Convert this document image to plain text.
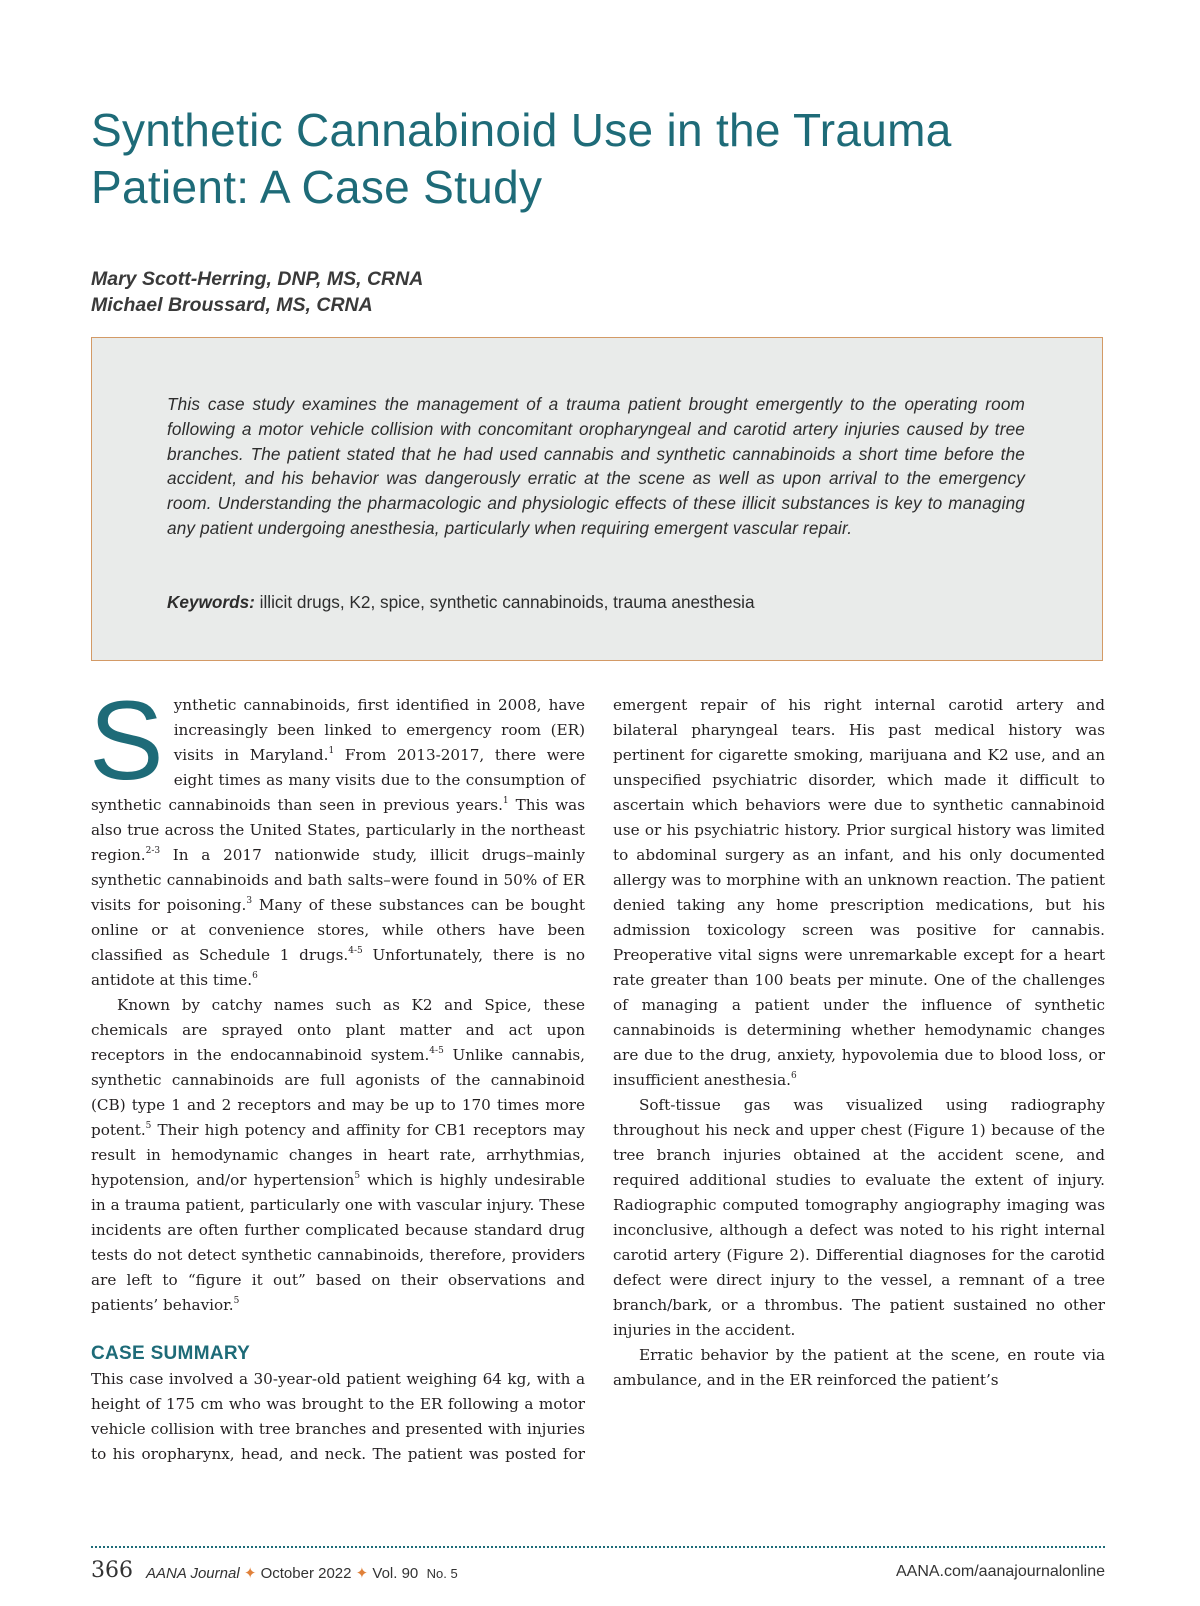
Synthetic Cannabinoid Use in the Trauma Patient: A Case Study
Mary Scott-Herring, DNP, MS, CRNA
Michael Broussard, MS, CRNA

This case study examines the management of a trauma patient brought emergently to the operating room following a motor vehicle collision with concomitant oropharyngeal and carotid artery injuries caused by tree branches. The patient stated that he had used cannabis and synthetic cannabinoids a short time before the accident, and his behavior was dangerously erratic at the scene as well as upon arrival to the emergency room. Understanding the pharmacologic and physiologic effects of these illicit substances is key to managing any patient undergoing anesthesia, particularly when requiring emergent vascular repair.

Keywords: illicit drugs, K2, spice, synthetic cannabinoids, trauma anesthesia

Synthetic cannabinoids, first identified in 2008, have increasingly been linked to emergency room (ER) visits in Maryland.$^1$ From 2013-2017, there were eight times as many visits due to the consumption of synthetic cannabinoids than seen in previous years.$^1$ This was also true across the United States, particularly in the northeast region.$^{2-3}$ In a 2017 nationwide study, illicit drugs–mainly synthetic cannabinoids and bath salts–were found in 50% of ER visits for poisoning.$^3$ Many of these substances can be bought online or at convenience stores, while others have been classified as Schedule 1 drugs.$^{4-5}$ Unfortunately, there is no antidote at this time.$^6$

Known by catchy names such as K2 and Spice, these chemicals are sprayed onto plant matter and act upon receptors in the endocannabinoid system.$^{4-5}$ Unlike cannabis, synthetic cannabinoids are full agonists of the cannabinoid (CB) type 1 and 2 receptors and may be up to 170 times more potent.$^5$ Their high potency and affinity for CB1 receptors may result in hemodynamic changes in heart rate, arrhythmias, hypotension, and/or hypertension$^5$ which is highly undesirable in a trauma patient, particularly one with vascular injury. These incidents are often further complicated because standard drug tests do not detect synthetic cannabinoids, therefore, providers are left to “figure it out” based on their observations and patients’ behavior.$^5$

CASE SUMMARY

This case involved a 30-year-old patient weighing 64 kg, with a height of 175 cm who was brought to the ER following a motor vehicle collision with tree branches and presented with injuries to his oropharynx, head, and neck. The patient was posted for

emergent repair of his right internal carotid artery and bilateral pharyngeal tears. His past medical history was pertinent for cigarette smoking, marijuana and K2 use, and an unspecified psychiatric disorder, which made it difficult to ascertain which behaviors were due to synthetic cannabinoid use or his psychiatric history. Prior surgical history was limited to abdominal surgery as an infant, and his only documented allergy was to morphine with an unknown reaction. The patient denied taking any home prescription medications, but his admission toxicology screen was positive for cannabis. Preoperative vital signs were unremarkable except for a heart rate greater than 100 beats per minute. One of the challenges of managing a patient under the influence of synthetic cannabinoids is determining whether hemodynamic changes are due to the drug, anxiety, hypovolemia due to blood loss, or insufficient anesthesia.$^6$

Soft-tissue gas was visualized using radiography throughout his neck and upper chest (Figure 1) because of the tree branch injuries obtained at the accident scene, and required additional studies to evaluate the extent of injury. Radiographic computed tomography angiography imaging was inconclusive, although a defect was noted to his right internal carotid artery (Figure 2). Differential diagnoses for the carotid defect were direct injury to the vessel, a remnant of a tree branch/bark, or a thrombus. The patient sustained no other injuries in the accident.

Erratic behavior by the patient at the scene, en route via ambulance, and in the ER reinforced the patient’s

366 AANA Journal ✦ October 2022 ✦ Vol. 90 No. 5	AANA.com/aanajournalonline
